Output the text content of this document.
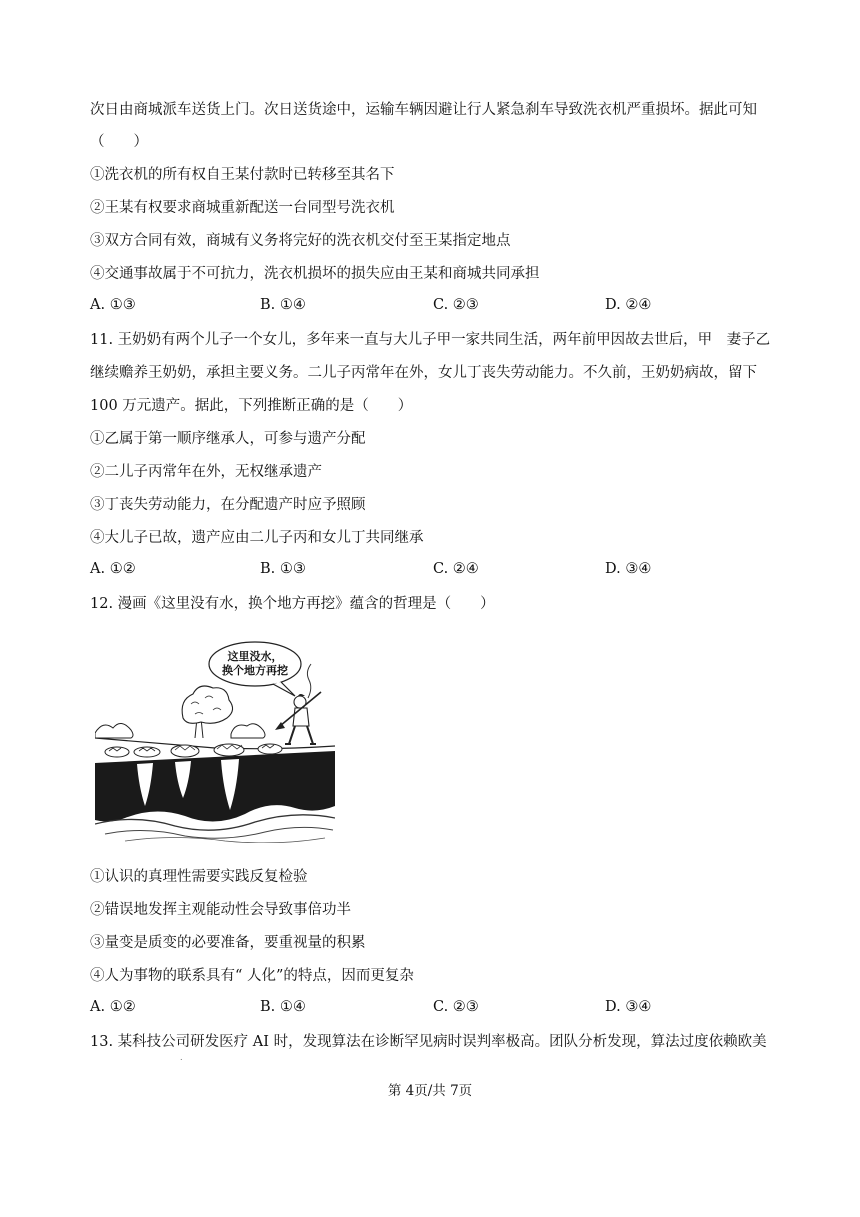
次日由商城派车送货上门。次日送货途中，运输车辆因避让行人紧急刹车导致洗衣机严重损坏。据此可知
（　　）
①洗衣机的所有权自王某付款时已转移至其名下
②王某有权要求商城重新配送一台同型号洗衣机
③双方合同有效，商城有义务将完好的洗衣机交付至王某指定地点
④交通事故属于不可抗力，洗衣机损坏的损失应由王某和商城共同承担
A. ①③	B. ①④	C. ②③	D. ②④
11. 王奶奶有两个儿子一个女儿，多年来一直与大儿子甲一家共同生活，两年前甲因故去世后，甲　妻子乙
继续赡养王奶奶，承担主要义务。二儿子丙常年在外，女儿丁丧失劳动能力。不久前，王奶奶病故，留下
100 万元遗产。据此，下列推断正确的是（　　）
①乙属于第一顺序继承人，可参与遗产分配
②二儿子丙常年在外，无权继承遗产
③丁丧失劳动能力，在分配遗产时应予照顾
④大儿子已故，遗产应由二儿子丙和女儿丁共同继承
A. ①②	B. ①③	C. ②④	D. ③④
12. 漫画《这里没有水，换个地方再挖》蕴含的哲理是（　　）
这里没水，
换个地方再挖
①认识的真理性需要实践反复检验
②错误地发挥主观能动性会导致事倍功半
③量变是质变的必要准备，要重视量的积累
④人为事物的联系具有“ 人化”的特点，因而更复杂
A. ①②	B. ①④	C. ②③	D. ③④
13. 某科技公司研发医疗 AI 时，发现算法在诊断罕见病时误判率极高。团队分析发现，算法过度依赖欧美
.
第 4页/共 7页
